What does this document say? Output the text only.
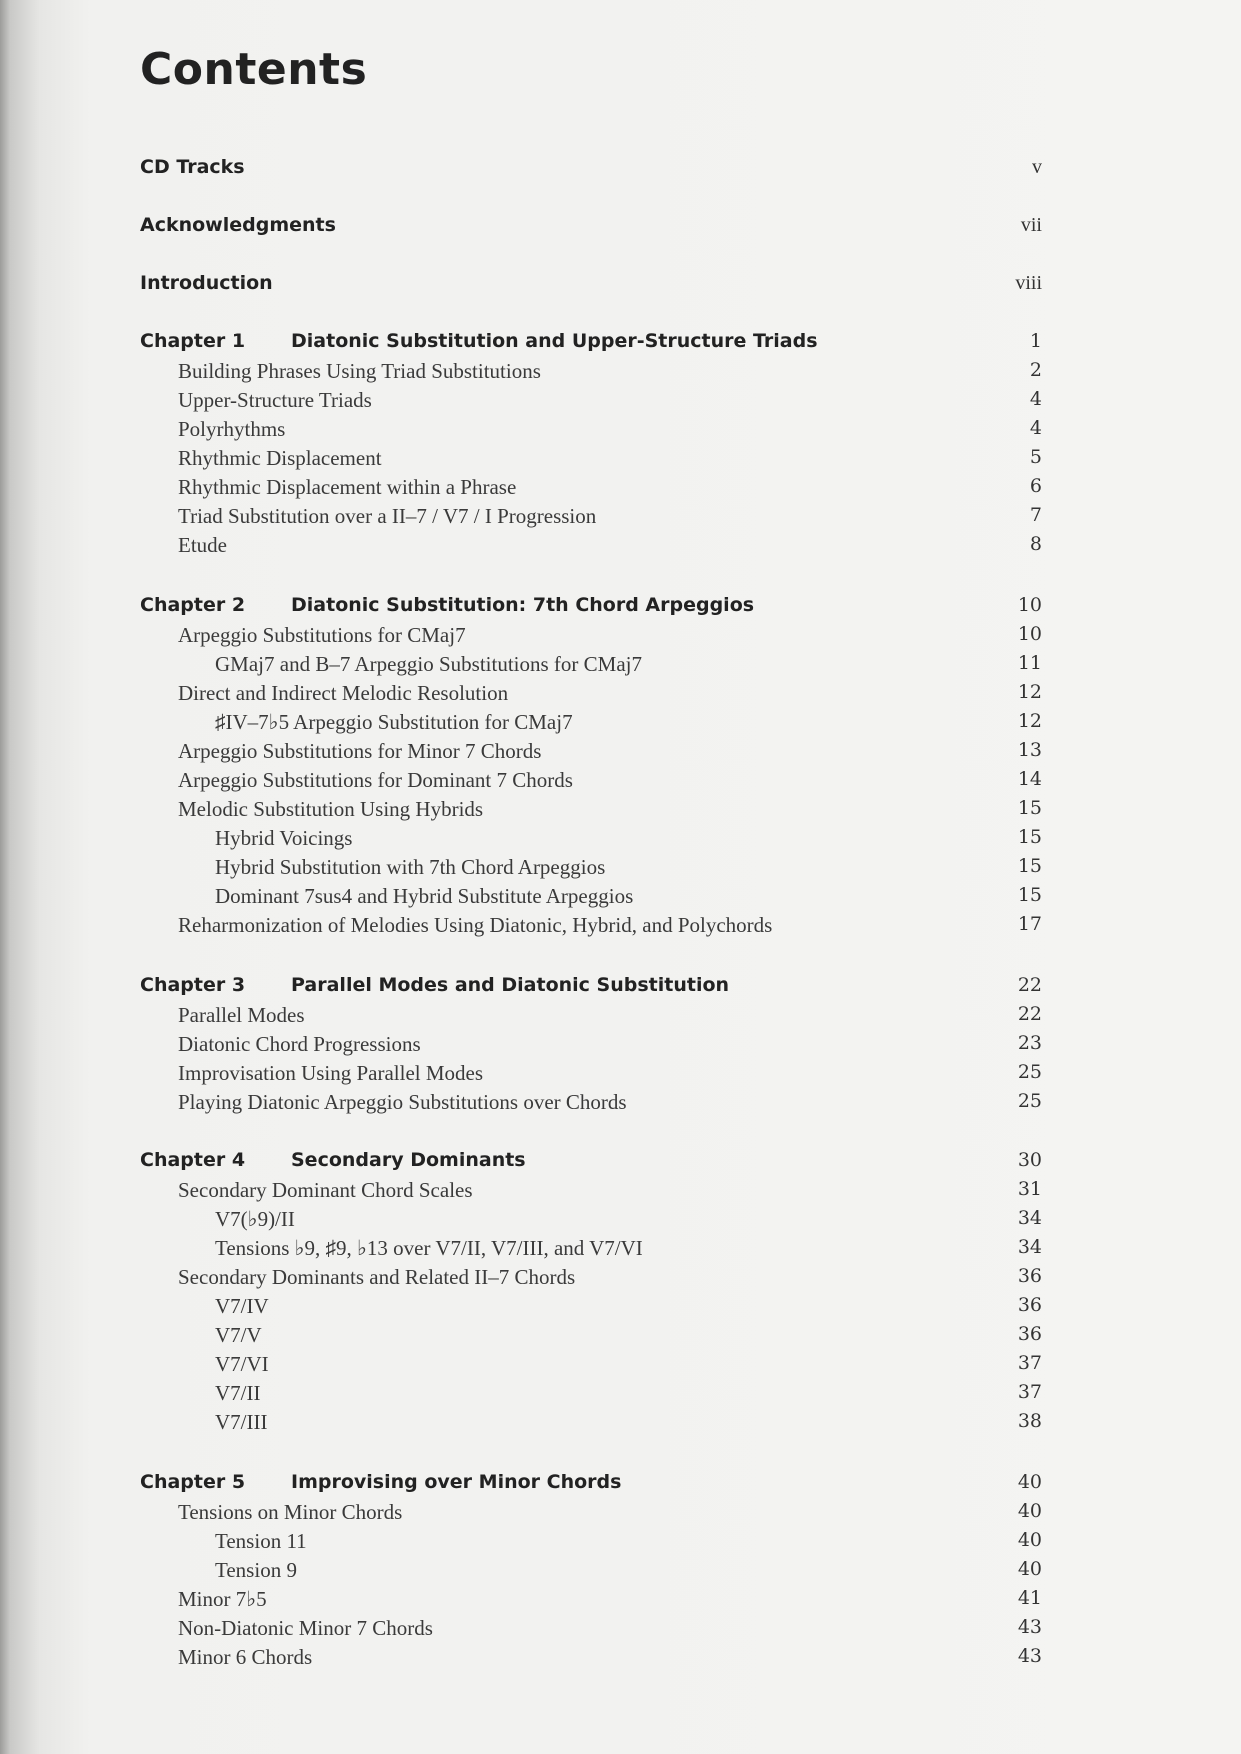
Contents
CD Tracks	v
Acknowledgments	vii
Introduction	viii
Chapter 1 Diatonic Substitution and Upper-Structure Triads	1
Building Phrases Using Triad Substitutions	2
Upper-Structure Triads	4
Polyrhythms	4
Rhythmic Displacement	5
Rhythmic Displacement within a Phrase	6
Triad Substitution over a II–7 / V7 / I Progression	7
Etude	8
Chapter 2 Diatonic Substitution: 7th Chord Arpeggios	10
Arpeggio Substitutions for CMaj7	10
GMaj7 and B–7 Arpeggio Substitutions for CMaj7	11
Direct and Indirect Melodic Resolution	12
♯IV–7♭5 Arpeggio Substitution for CMaj7	12
Arpeggio Substitutions for Minor 7 Chords	13
Arpeggio Substitutions for Dominant 7 Chords	14
Melodic Substitution Using Hybrids	15
Hybrid Voicings	15
Hybrid Substitution with 7th Chord Arpeggios	15
Dominant 7sus4 and Hybrid Substitute Arpeggios	15
Reharmonization of Melodies Using Diatonic, Hybrid, and Polychords	17
Chapter 3 Parallel Modes and Diatonic Substitution	22
Parallel Modes	22
Diatonic Chord Progressions	23
Improvisation Using Parallel Modes	25
Playing Diatonic Arpeggio Substitutions over Chords	25
Chapter 4 Secondary Dominants	30
Secondary Dominant Chord Scales	31
V7(♭9)/II	34
Tensions ♭9, ♯9, ♭13 over V7/II, V7/III, and V7/VI	34
Secondary Dominants and Related II–7 Chords	36
V7/IV	36
V7/V	36
V7/VI	37
V7/II	37
V7/III	38
Chapter 5 Improvising over Minor Chords	40
Tensions on Minor Chords	40
Tension 11	40
Tension 9	40
Minor 7♭5	41
Non-Diatonic Minor 7 Chords	43
Minor 6 Chords	43
